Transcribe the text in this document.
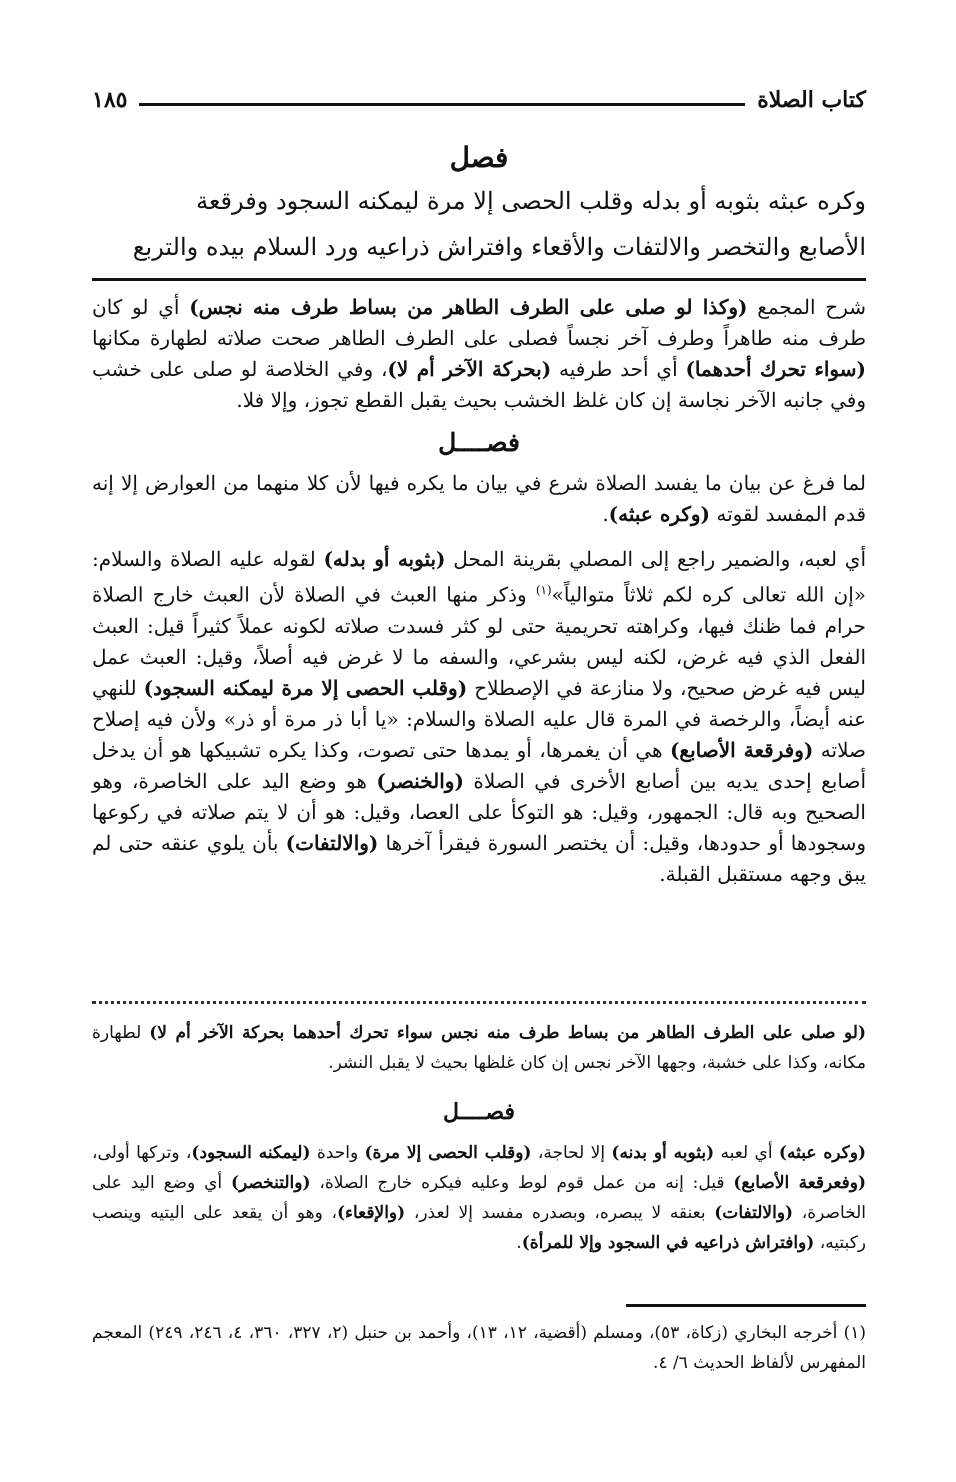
١٨٥	كتاب الصلاة
فصل

وكره عبثه بثوبه أو بدله وقلب الحصى إلا مرة ليمكنه السجود وفرقعة

الأصابع والتخصر والالتفات والأقعاء وافتراش ذراعيه ورد السلام بيده والتربع

شرح المجمع (وكذا لو صلى على الطرف الطاهر من بساط طرف منه نجس) أي لو كان طرف منه طاهراً وطرف آخر نجساً فصلى على الطرف الطاهر صحت صلاته لطهارة مكانها (سواء تحرك أحدهما) أي أحد طرفيه (بحركة الآخر أم لا)، وفي الخلاصة لو صلى على خشب وفي جانبه الآخر نجاسة إن كان غلظ الخشب بحيث يقبل القطع تجوز، وإلا فلا.

فصــــل

لما فرغ عن بيان ما يفسد الصلاة شرع في بيان ما يكره فيها لأن كلا منهما من العوارض إلا إنه قدم المفسد لقوته (وكره عبثه).

أي لعبه، والضمير راجع إلى المصلي بقرينة المحل (بثوبه أو بدله) لقوله عليه الصلاة والسلام: «إن الله تعالى كره لكم ثلاثاً متوالياً»$^{(١)}$ وذكر منها العبث في الصلاة لأن العبث خارج الصلاة حرام فما ظنك فيها، وكراهته تحريمية حتى لو كثر فسدت صلاته لكونه عملاً كثيراً قيل: العبث الفعل الذي فيه غرض، لكنه ليس بشرعي، والسفه ما لا غرض فيه أصلاً، وقيل: العبث عمل ليس فيه غرض صحيح، ولا منازعة في الإصطلاح (وقلب الحصى إلا مرة ليمكنه السجود) للنهي عنه أيضاً، والرخصة في المرة قال عليه الصلاة والسلام: «يا أبا ذر مرة أو ذر» ولأن فيه إصلاح صلاته (وفرقعة الأصابع) هي أن يغمرها، أو يمدها حتى تصوت، وكذا يكره تشبيكها هو أن يدخل أصابع إحدى يديه بين أصابع الأخرى في الصلاة (والخنصر) هو وضع اليد على الخاصرة، وهو الصحيح وبه قال: الجمهور، وقيل: هو التوكأ على العصا، وقيل: هو أن لا يتم صلاته في ركوعها وسجودها أو حدودها، وقيل: أن يختصر السورة فيقرأ آخرها (والالتفات) بأن يلوي عنقه حتى لم يبق وجهه مستقبل القبلة.

(لو صلى على الطرف الطاهر من بساط طرف منه نجس سواء تحرك أحدهما بحركة الآخر أم لا) لطهارة مكانه، وكذا على خشبة، وجهها الآخر نجس إن كان غلظها بحيث لا يقبل النشر.

فصــــل

(وكره عبثه) أي لعبه (بثوبه أو بدنه) إلا لحاجة، (وقلب الحصى إلا مرة) واحدة (ليمكنه السجود)، وتركها أولى، (وفعرقعة الأصابع) قيل: إنه من عمل قوم لوط وعليه فيكره خارج الصلاة، (والتنخصر) أي وضع اليد على الخاصرة، (والالتفات) بعنقه لا يبصره، وبصدره مفسد إلا لعذر، (والإقعاء)، وهو أن يقعد على اليتيه وينصب ركبتيه، (وافتراش ذراعيه في السجود وإلا للمرأة).

(١) أخرجه البخاري (زكاة، ٥٣)، ومسلم (أقضية، ١٢، ١٣)، وأحمد بن حنبل (٢، ٣٢٧، ٣٦٠، ٤، ٢٤٦، ٢٤٩) المعجم المفهرس لألفاظ الحديث ٦/ ٤.
